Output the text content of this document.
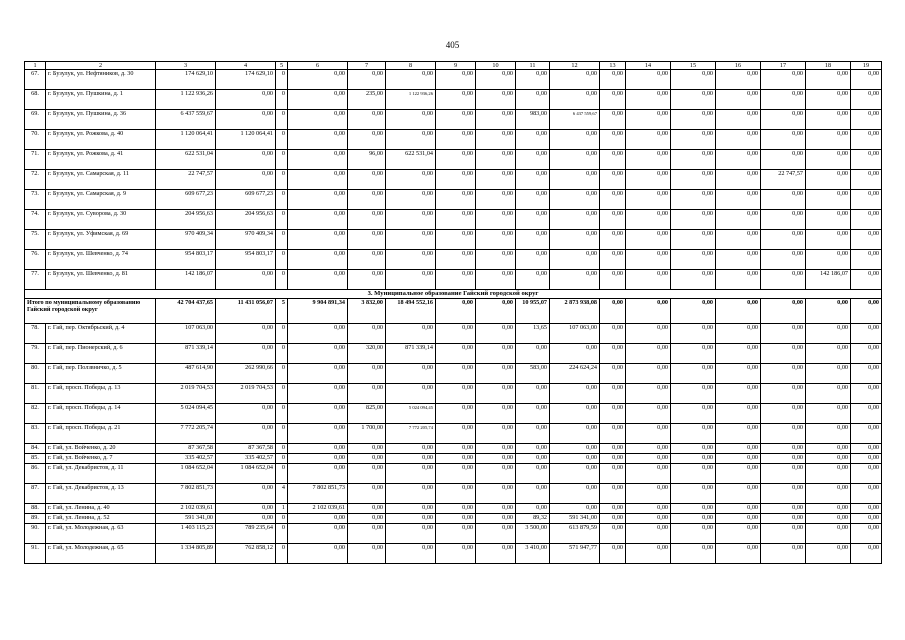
405
1	2	3	4	5	6	7	8	9	10	11	12	13	14	15	16	17	18	19
67.	г. Бузулук, ул. Нефтяников, д. 30	174 629,10	174 629,10	0	0,00	0,00	0,00	0,00	0,00	0,00	0,00	0,00	0,00	0,00	0,00	0,00	0,00	0,00
68.	г. Бузулук, ул. Пушкина, д. 1	1 122 936,26	0,00	0	0,00	235,00	1 122 936,26	0,00	0,00	0,00	0,00	0,00	0,00	0,00	0,00	0,00	0,00	0,00
69.	г. Бузулук, ул. Пушкина, д. 36	6 437 559,67	0,00	0	0,00	0,00	0,00	0,00	0,00	983,00	6 437 559,67	0,00	0,00	0,00	0,00	0,00	0,00	0,00
70.	г. Бузулук, ул. Рожкова, д. 40	1 120 064,41	1 120 064,41	0	0,00	0,00	0,00	0,00	0,00	0,00	0,00	0,00	0,00	0,00	0,00	0,00	0,00	0,00
71.	г. Бузулук, ул. Рожкова, д. 41	622 531,04	0,00	0	0,00	96,00	622 531,04	0,00	0,00	0,00	0,00	0,00	0,00	0,00	0,00	0,00	0,00	0,00
72.	г. Бузулук, ул. Самарская, д. 11	22 747,57	0,00	0	0,00	0,00	0,00	0,00	0,00	0,00	0,00	0,00	0,00	0,00	0,00	22 747,57	0,00	0,00
73.	г. Бузулук, ул. Самарская, д. 9	609 677,23	609 677,23	0	0,00	0,00	0,00	0,00	0,00	0,00	0,00	0,00	0,00	0,00	0,00	0,00	0,00	0,00
74.	г. Бузулук, ул. Суворова, д. 30	204 956,63	204 956,63	0	0,00	0,00	0,00	0,00	0,00	0,00	0,00	0,00	0,00	0,00	0,00	0,00	0,00	0,00
75.	г. Бузулук, ул. Уфимская, д. 69	970 409,34	970 409,34	0	0,00	0,00	0,00	0,00	0,00	0,00	0,00	0,00	0,00	0,00	0,00	0,00	0,00	0,00
76.	г. Бузулук, ул. Шевченко, д. 74	954 803,17	954 803,17	0	0,00	0,00	0,00	0,00	0,00	0,00	0,00	0,00	0,00	0,00	0,00	0,00	0,00	0,00
77.	г. Бузулук, ул. Шевченко, д. 81	142 186,07	0,00	0	0,00	0,00	0,00	0,00	0,00	0,00	0,00	0,00	0,00	0,00	0,00	0,00	142 186,07	0,00
3. Муниципальное образование Гайский городской округ																		
Итого по муниципальному образованию Гайский городской округ		42 704 437,65	11 431 056,07	5	9 904 891,34	3 832,00	18 494 552,16	0,00	0,00	10 955,07	2 873 938,08	0,00	0,00	0,00	0,00	0,00	0,00	0,00
78.	г. Гай, пер. Октябрьский, д. 4	107 063,00	0,00	0	0,00	0,00	0,00	0,00	0,00	13,65	107 063,00	0,00	0,00	0,00	0,00	0,00	0,00	0,00
79.	г. Гай, пер. Пионерский, д. 6	871 339,14	0,00	0	0,00	320,00	871 339,14	0,00	0,00	0,00	0,00	0,00	0,00	0,00	0,00	0,00	0,00	0,00
80.	г. Гай, пер. Ползвничко, д. 5	487 614,90	262 990,66	0	0,00	0,00	0,00	0,00	0,00	583,00	224 624,24	0,00	0,00	0,00	0,00	0,00	0,00	0,00
81.	г. Гай, просп. Победы, д. 13	2 019 704,53	2 019 704,53	0	0,00	0,00	0,00	0,00	0,00	0,00	0,00	0,00	0,00	0,00	0,00	0,00	0,00	0,00
82.	г. Гай, просп. Победы, д. 14	5 024 094,45	0,00	0	0,00	825,00	5 024 094,45	0,00	0,00	0,00	0,00	0,00	0,00	0,00	0,00	0,00	0,00	0,00
83.	г. Гай, просп. Победы, д. 21	7 772 205,74	0,00	0	0,00	1 700,00	7 772 205,74	0,00	0,00	0,00	0,00	0,00	0,00	0,00	0,00	0,00	0,00	0,00
84.	г. Гай, ул. Войченко, д. 20	87 367,58	87 367,58	0	0,00	0,00	0,00	0,00	0,00	0,00	0,00	0,00	0,00	0,00	0,00	0,00	0,00	0,00
85.	г. Гай, ул. Войченко, д. 7	335 402,57	335 402,57	0	0,00	0,00	0,00	0,00	0,00	0,00	0,00	0,00	0,00	0,00	0,00	0,00	0,00	0,00
86.	г. Гай, ул. Декабристов, д. 11	1 084 652,04	1 084 652,04	0	0,00	0,00	0,00	0,00	0,00	0,00	0,00	0,00	0,00	0,00	0,00	0,00	0,00	0,00
87.	г. Гай, ул. Декабристов, д. 13	7 802 851,73	0,00	4	7 802 851,73	0,00	0,00	0,00	0,00	0,00	0,00	0,00	0,00	0,00	0,00	0,00	0,00	0,00
88.	г. Гай, ул. Ленина, д. 40	2 102 039,61	0,00	1	2 102 039,61	0,00	0,00	0,00	0,00	0,00	0,00	0,00	0,00	0,00	0,00	0,00	0,00	0,00
89.	г. Гай, ул. Ленина, д. 52	591 341,00	0,00	0	0,00	0,00	0,00	0,00	0,00	89,32	591 341,00	0,00	0,00	0,00	0,00	0,00	0,00	0,00
90.	г. Гай, ул. Молодежная, д. 63	1 403 115,23	789 235,64	0	0,00	0,00	0,00	0,00	0,00	3 500,00	613 879,59	0,00	0,00	0,00	0,00	0,00	0,00	0,00
91.	г. Гай, ул. Молодежная, д. 65	1 334 805,89	762 858,12	0	0,00	0,00	0,00	0,00	0,00	3 410,00	571 947,77	0,00	0,00	0,00	0,00	0,00	0,00	0,00
